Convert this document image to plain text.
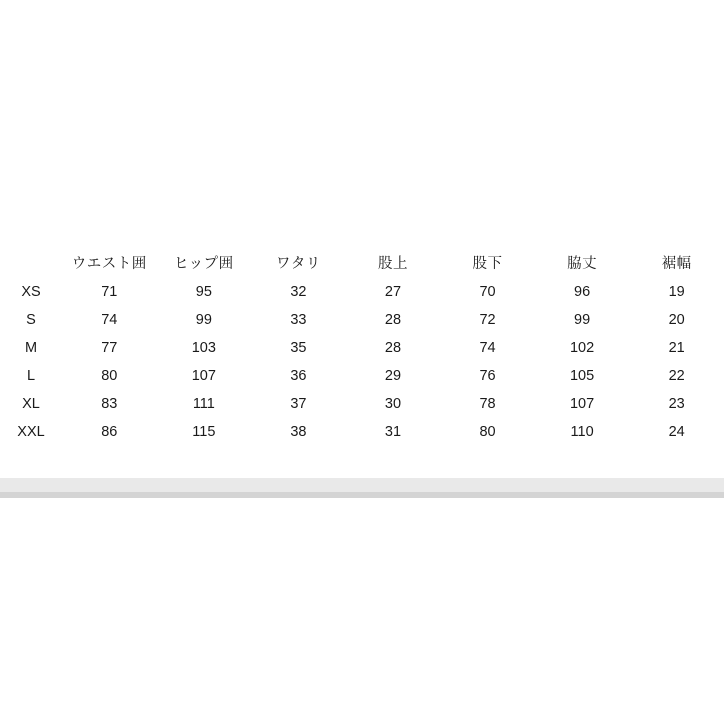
	ウエスト囲	ヒップ囲	ワタリ	股上	股下	脇丈	裾幅
XS	71	95	32	27	70	96	19
S	74	99	33	28	72	99	20
M	77	103	35	28	74	102	21
L	80	107	36	29	76	105	22
XL	83	111	37	30	78	107	23
XXL	86	115	38	31	80	110	24
